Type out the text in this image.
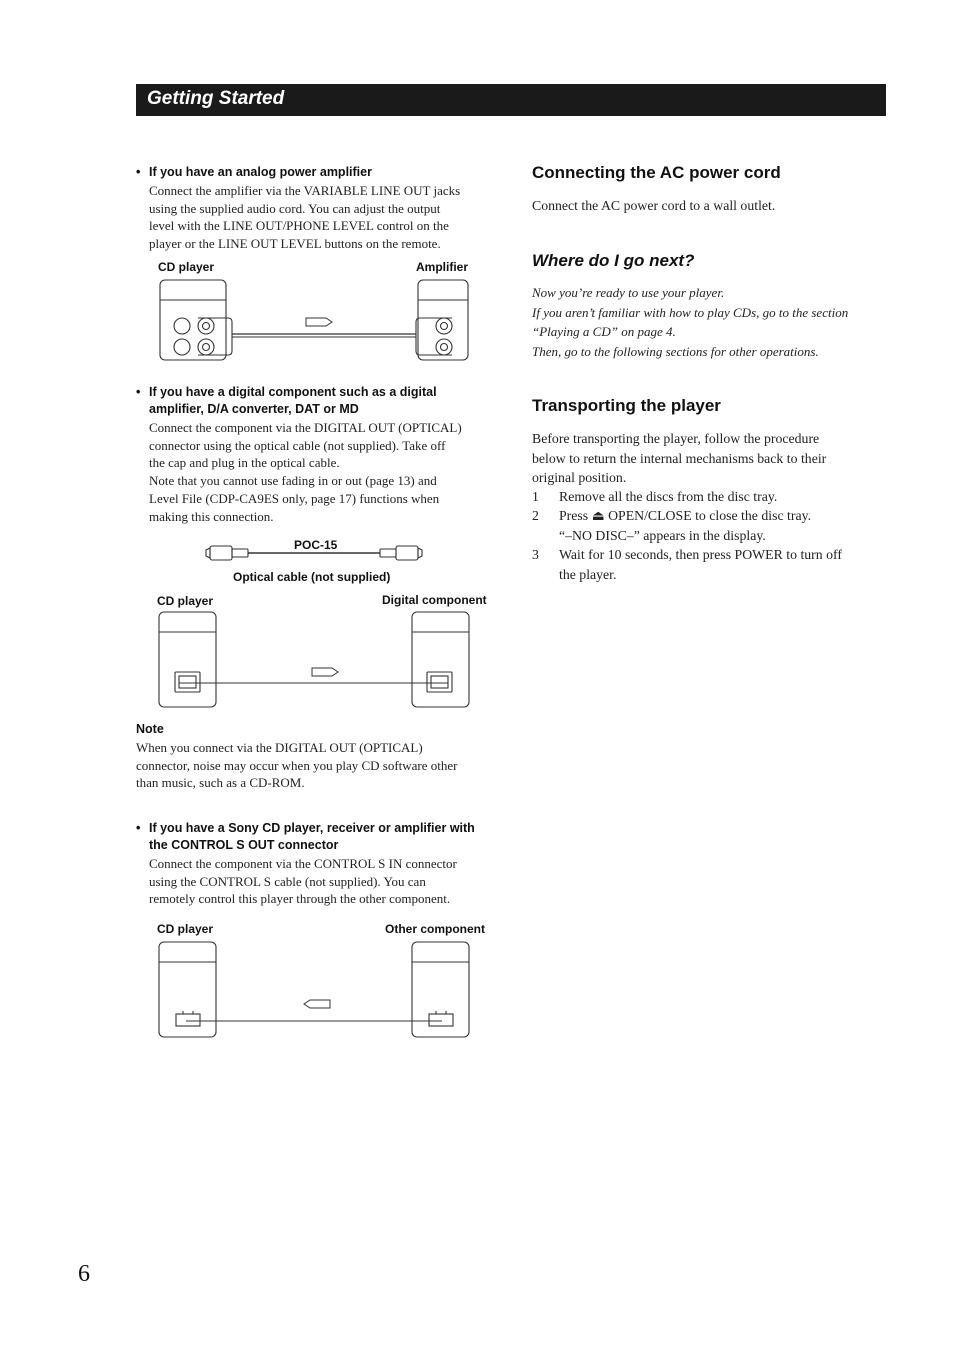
Getting Started
• If you have an analog power amplifier
Connect the amplifier via the VARIABLE LINE OUT jacks
using the supplied audio cord. You can adjust the output
level with the LINE OUT/PHONE LEVEL control on the
player or the LINE OUT LEVEL buttons on the remote.
CD player	Amplifier
• If you have a digital component such as a digital
amplifier, D/A converter, DAT or MD
Connect the component via the DIGITAL OUT (OPTICAL)
connector using the optical cable (not supplied). Take off
the cap and plug in the optical cable.
Note that you cannot use fading in or out (page 13) and
Level File (CDP-CA9ES only, page 17) functions when
making this connection.
POC-15
Optical cable (not supplied)
CD player	Digital component
Note
When you connect via the DIGITAL OUT (OPTICAL)
connector, noise may occur when you play CD software other
than music, such as a CD-ROM.
• If you have a Sony CD player, receiver or amplifier with
the CONTROL S OUT connector
Connect the component via the CONTROL S IN connector
using the CONTROL S cable (not supplied). You can
remotely control this player through the other component.
CD player	Other component
Connecting the AC power cord
Connect the AC power cord to a wall outlet.
Where do I go next?
Now you’re ready to use your player.
If you aren’t familiar with how to play CDs, go to the section
“Playing a CD” on page 4.
Then, go to the following sections for other operations.
Transporting the player
Before transporting the player, follow the procedure
below to return the internal mechanisms back to their
original position.
1 Remove all the discs from the disc tray.
2 Press ⏏ OPEN/CLOSE to close the disc tray.
“–NO DISC–” appears in the display.
3 Wait for 10 seconds, then press POWER to turn off
the player.
6
